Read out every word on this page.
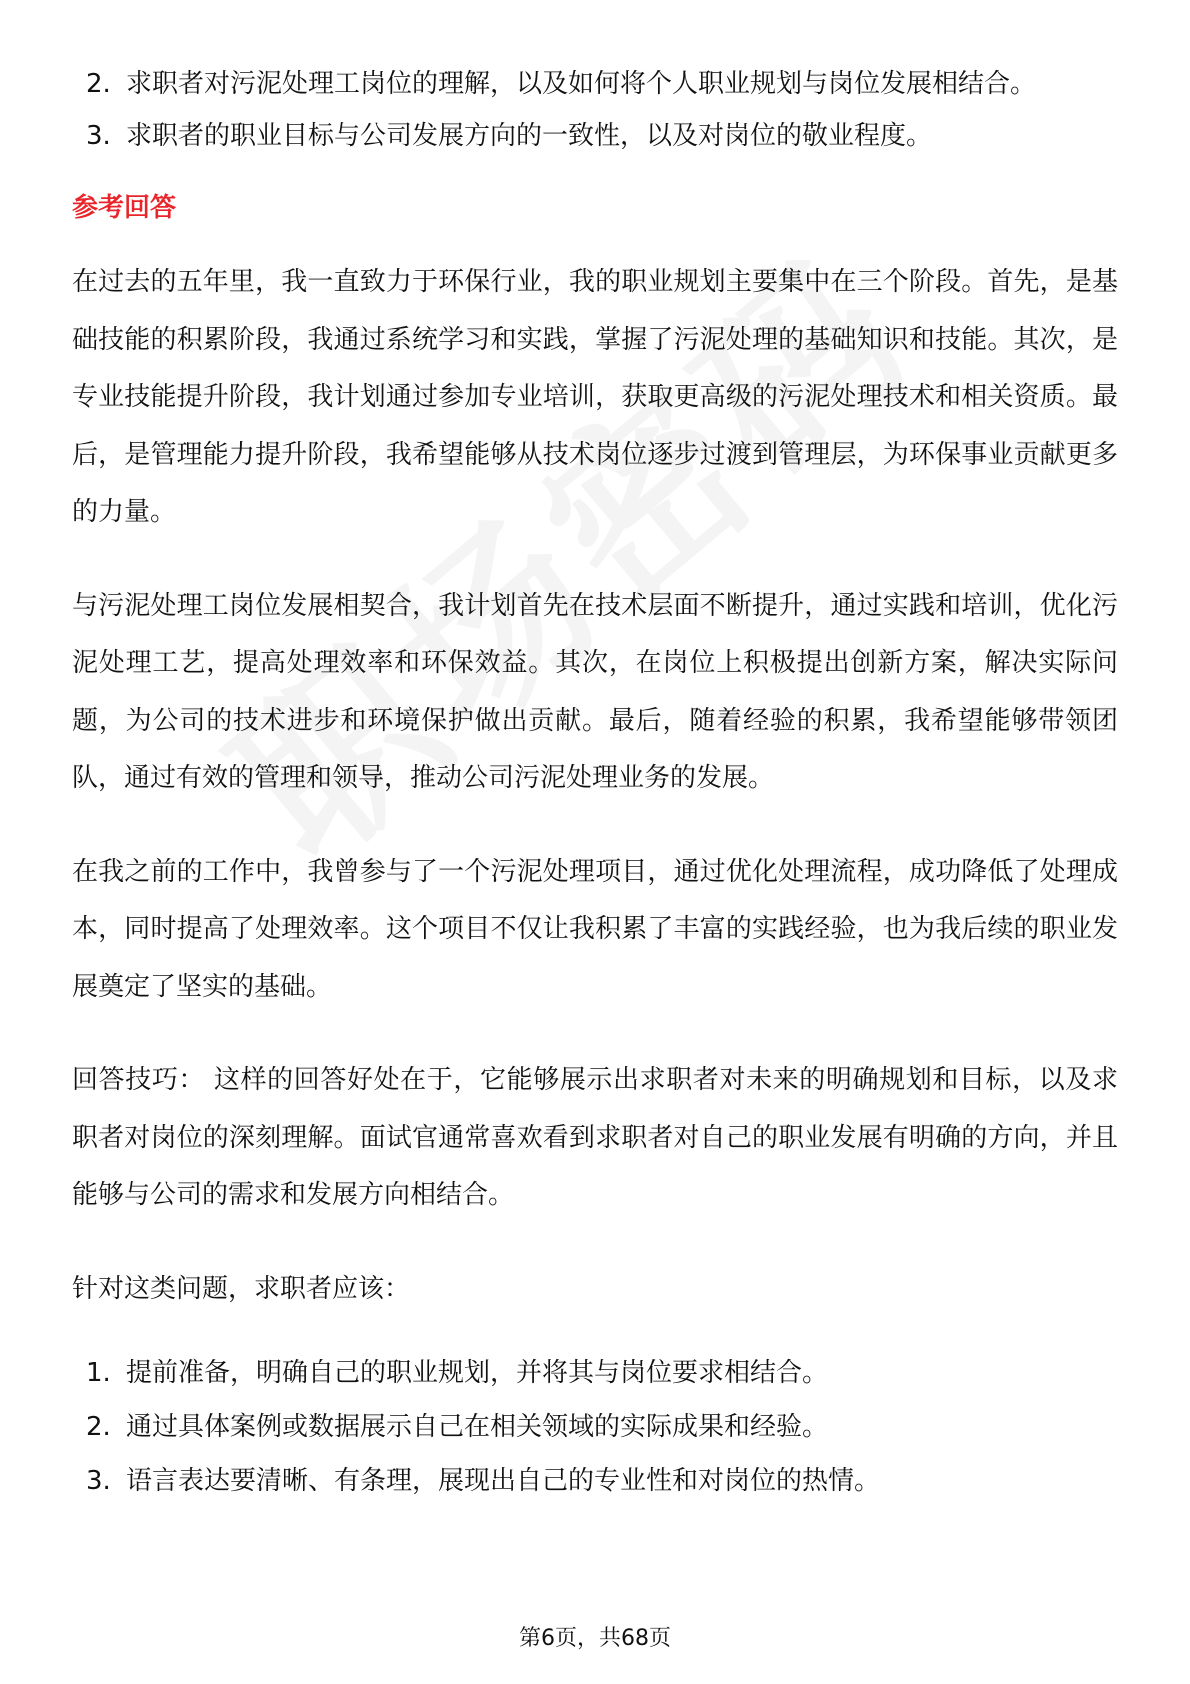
2. 求职者对污泥处理工岗位的理解，以及如何将个人职业规划与岗位发展相结合。
3. 求职者的职业目标与公司发展方向的一致性，以及对岗位的敬业程度。
参考回答

在过去的五年里，我一直致力于环保行业，我的职业规划主要集中在三个阶段。首先，是基础技能的积累阶段，我通过系统学习和实践，掌握了污泥处理的基础知识和技能。其次，是专业技能提升阶段，我计划通过参加专业培训，获取更高级的污泥处理技术和相关资质。最后，是管理能力提升阶段，我希望能够从技术岗位逐步过渡到管理层，为环保事业贡献更多的力量。

与污泥处理工岗位发展相契合，我计划首先在技术层面不断提升，通过实践和培训，优化污泥处理工艺，提高处理效率和环保效益。其次，在岗位上积极提出创新方案，解决实际问题，为公司的技术进步和环境保护做出贡献。最后，随着经验的积累，我希望能够带领团队，通过有效的管理和领导，推动公司污泥处理业务的发展。

在我之前的工作中，我曾参与了一个污泥处理项目，通过优化处理流程，成功降低了处理成本，同时提高了处理效率。这个项目不仅让我积累了丰富的实践经验，也为我后续的职业发展奠定了坚实的基础。

回答技巧： 这样的回答好处在于，它能够展示出求职者对未来的明确规划和目标，以及求职者对岗位的深刻理解。面试官通常喜欢看到求职者对自己的职业发展有明确的方向，并且能够与公司的需求和发展方向相结合。

针对这类问题，求职者应该：

1. 提前准备，明确自己的职业规划，并将其与岗位要求相结合。
2. 通过具体案例或数据展示自己在相关领域的实际成果和经验。
3. 语言表达要清晰、有条理，展现出自己的专业性和对岗位的热情。
第6页，共68页
